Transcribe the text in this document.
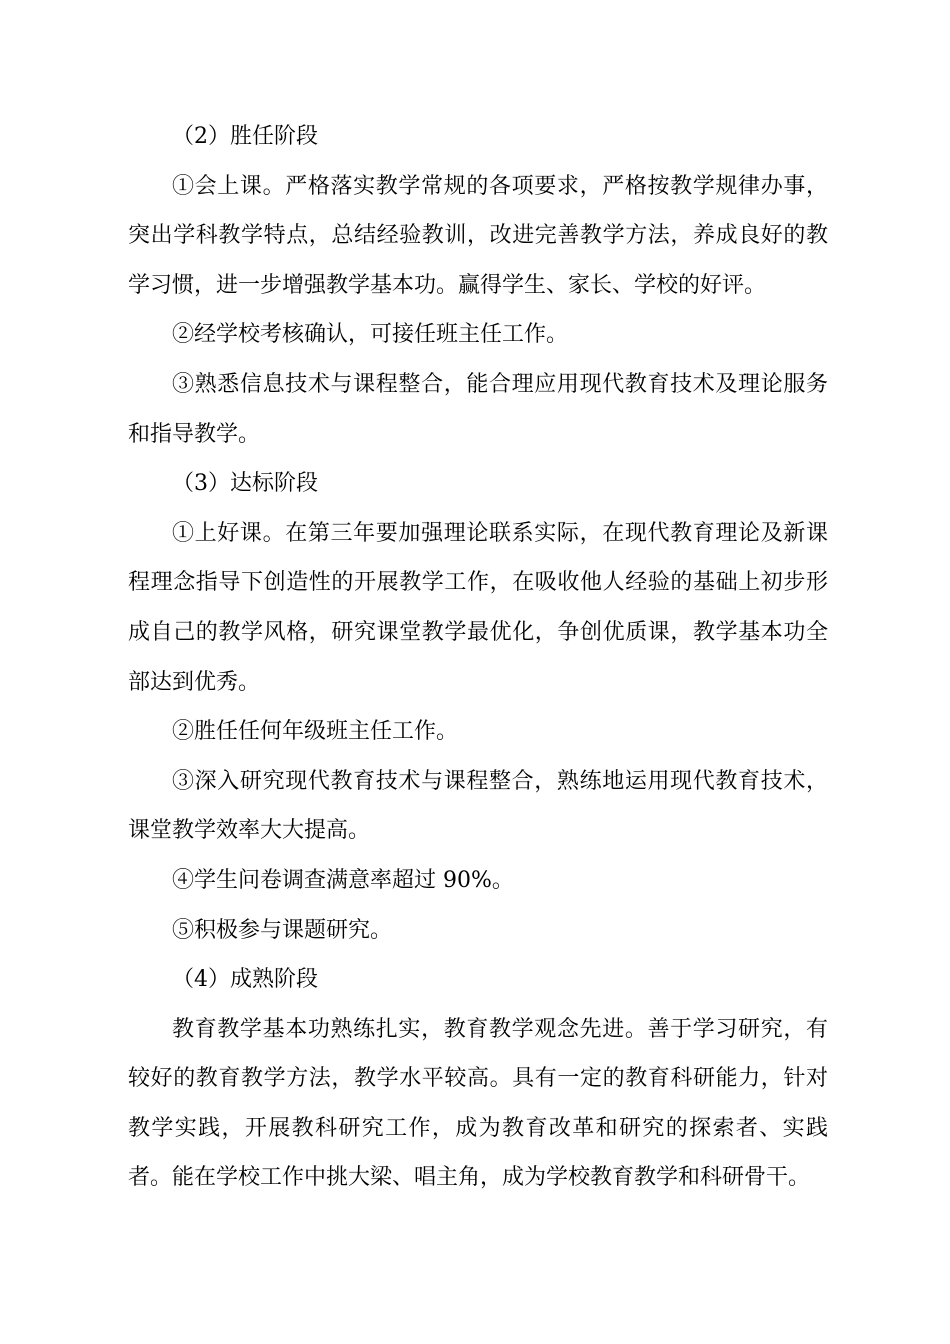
（2）胜任阶段

①会上课。严格落实教学常规的各项要求，严格按教学规律办事，突出学科教学特点，总结经验教训，改进完善教学方法，养成良好的教学习惯，进一步增强教学基本功。赢得学生、家长、学校的好评。

②经学校考核确认，可接任班主任工作。

③熟悉信息技术与课程整合，能合理应用现代教育技术及理论服务和指导教学。

（3）达标阶段

①上好课。在第三年要加强理论联系实际，在现代教育理论及新课程理念指导下创造性的开展教学工作，在吸收他人经验的基础上初步形成自己的教学风格，研究课堂教学最优化，争创优质课，教学基本功全部达到优秀。

②胜任任何年级班主任工作。

③深入研究现代教育技术与课程整合，熟练地运用现代教育技术，课堂教学效率大大提高。

④学生问卷调查满意率超过 90%。

⑤积极参与课题研究。

（4）成熟阶段

教育教学基本功熟练扎实，教育教学观念先进。善于学习研究，有较好的教育教学方法，教学水平较高。具有一定的教育科研能力，针对教学实践，开展教科研究工作，成为教育改革和研究的探索者、实践者。能在学校工作中挑大梁、唱主角，成为学校教育教学和科研骨干。
